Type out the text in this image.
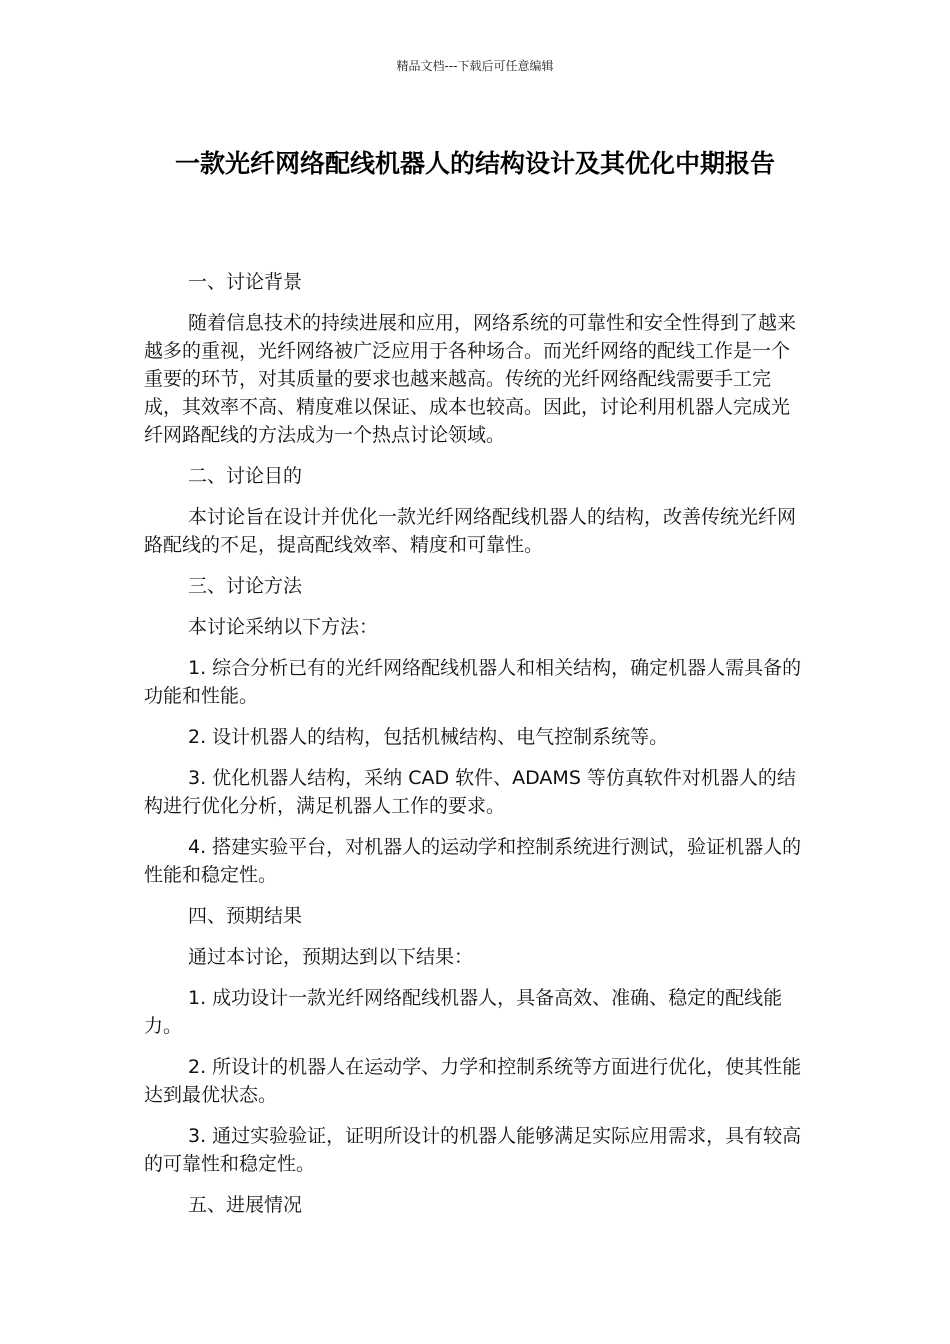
精品文档---下载后可任意编辑
一款光纤网络配线机器人的结构设计及其优化中期报告

一、讨论背景

随着信息技术的持续进展和应用，网络系统的可靠性和安全性得到了越来越多的重视，光纤网络被广泛应用于各种场合。而光纤网络的配线工作是一个重要的环节，对其质量的要求也越来越高。传统的光纤网络配线需要手工完成，其效率不高、精度难以保证、成本也较高。因此，讨论利用机器人完成光纤网路配线的方法成为一个热点讨论领域。

二、讨论目的

本讨论旨在设计并优化一款光纤网络配线机器人的结构，改善传统光纤网路配线的不足，提高配线效率、精度和可靠性。

三、讨论方法

本讨论采纳以下方法：

1. 综合分析已有的光纤网络配线机器人和相关结构，确定机器人需具备的功能和性能。

2. 设计机器人的结构，包括机械结构、电气控制系统等。

3. 优化机器人结构，采纳 CAD 软件、ADAMS 等仿真软件对机器人的结构进行优化分析，满足机器人工作的要求。

4. 搭建实验平台，对机器人的运动学和控制系统进行测试，验证机器人的性能和稳定性。

四、预期结果

通过本讨论，预期达到以下结果：

1. 成功设计一款光纤网络配线机器人，具备高效、准确、稳定的配线能力。

2. 所设计的机器人在运动学、力学和控制系统等方面进行优化，使其性能达到最优状态。

3. 通过实验验证，证明所设计的机器人能够满足实际应用需求，具有较高的可靠性和稳定性。

五、进展情况
